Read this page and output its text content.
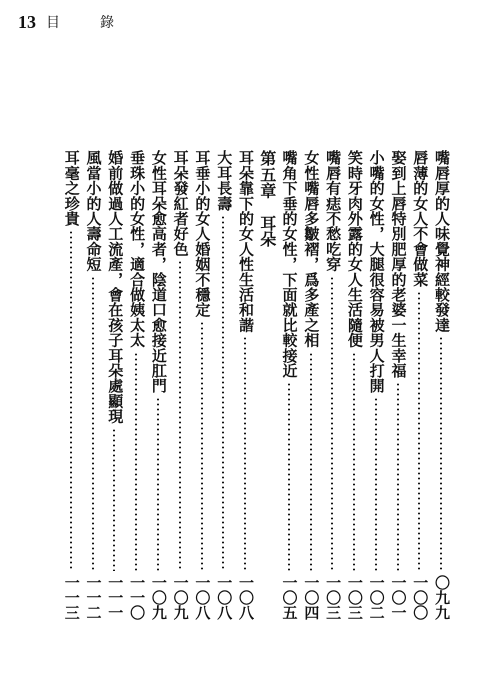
13 目	錄
嘴唇厚的人味覺神經較發達
〇九九
唇薄的女人不會做菜
一〇〇
娶到上唇特別肥厚的老婆一生幸福
一〇一
小嘴的女性，大腿很容易被男人打開
一〇二
笑時牙肉外露的女人生活隨便
一〇三
嘴唇有痣不愁吃穿
一〇三
女性嘴唇多皺褶，爲多產之相
一〇四
嘴角下垂的女性，下面就比較接近
一〇五
第五章　耳朵
耳朵靠下的女人性生活和諧
一〇八
大耳長壽
一〇八
耳垂小的女人婚姻不穩定
一〇八
耳朵發紅者好色
一〇九
女性耳朵愈高者，陰道口愈接近肛門
一〇九
垂珠小的女性，適合做姨太太
一一〇
婚前做過人工流產，會在孩子耳朵處顯現
一一一
風當小的人壽命短
一一二
耳毫之珍貴
一一三
